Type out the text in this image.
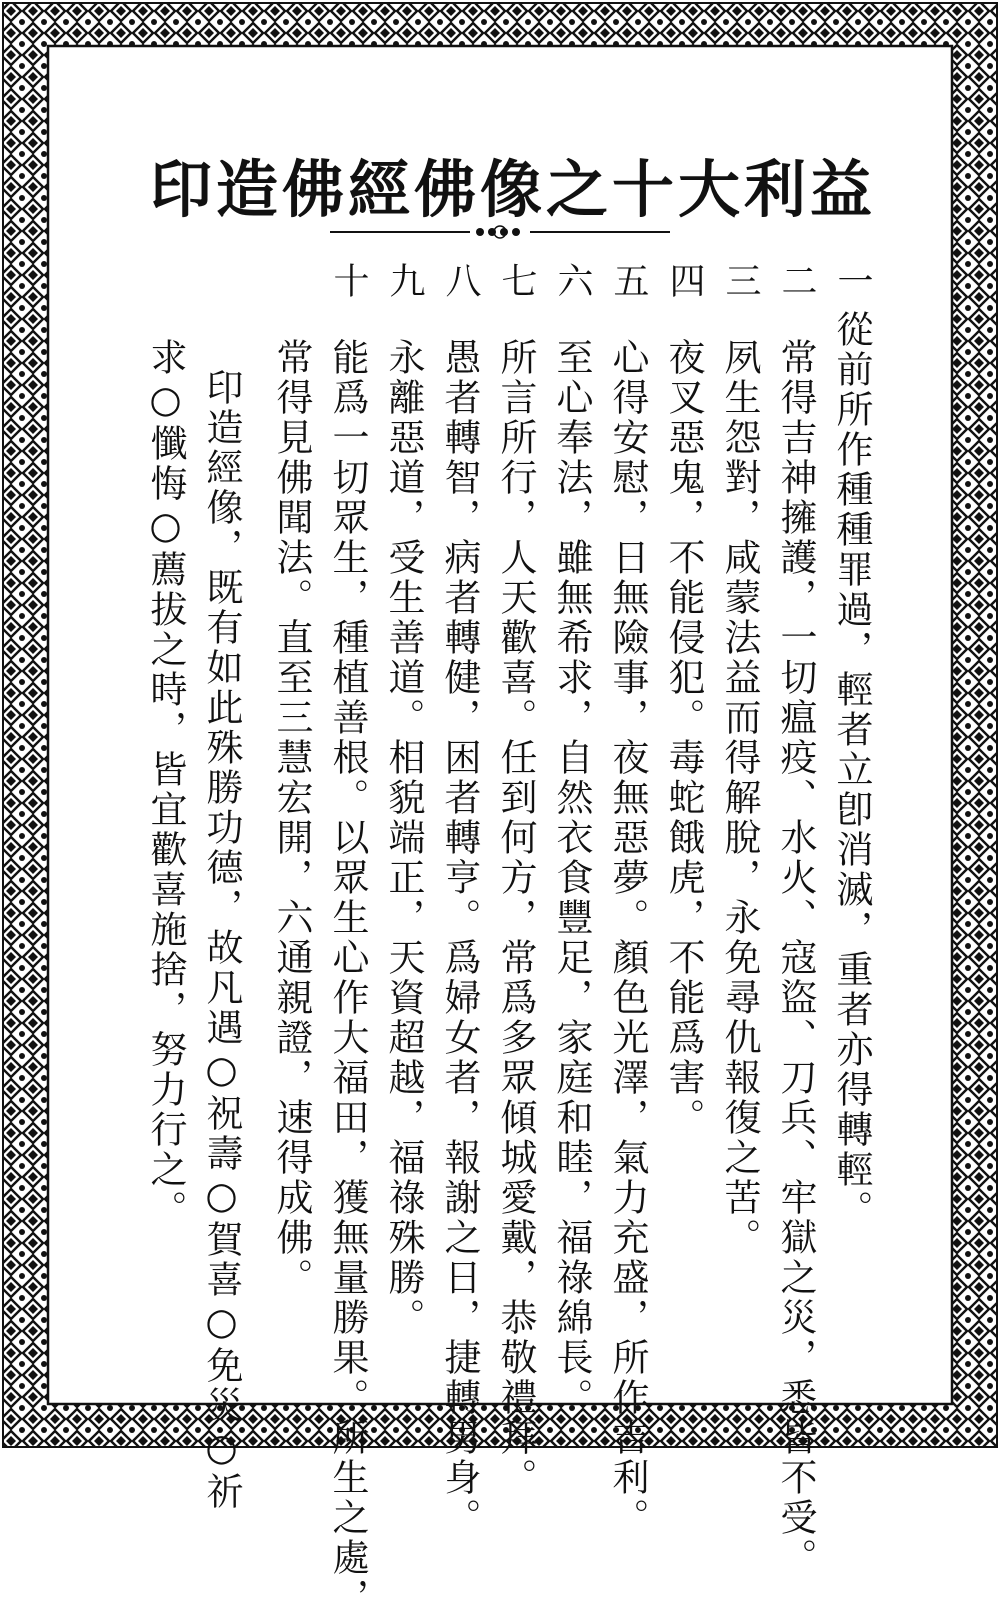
印造佛經佛像之十大利益
一
從前所作種種罪過，輕者立卽消滅，重者亦得轉輕。
二
常得吉神擁護，一切瘟疫、水火、寇盜、刀兵、牢獄之災，悉皆不受。
三
夙生怨對，咸蒙法益而得解脫，永免尋仇報復之苦。
四
夜叉惡鬼，不能侵犯。毒蛇餓虎，不能爲害。
五
心得安慰，日無險事，夜無惡夢。顏色光澤，氣力充盛，所作吉利。
六
至心奉法，雖無希求，自然衣食豐足，家庭和睦，福祿綿長。
七
所言所行，人天歡喜。任到何方，常爲多眾傾城愛戴，恭敬禮拜。
八
愚者轉智，病者轉健，困者轉亨。爲婦女者，報謝之日，捷轉男身。
九
永離惡道，受生善道。相貌端正，天資超越，福祿殊勝。
十
能爲一切眾生，種植善根。以眾生心作大福田，獲無量勝果。所生之處，
常得見佛聞法。直至三慧宏開，六通親證，速得成佛。
印造經像，既有如此殊勝功德，故凡遇○祝壽○賀喜○免災○祈
求○懺悔○薦拔之時，皆宜歡喜施捨，努力行之。
